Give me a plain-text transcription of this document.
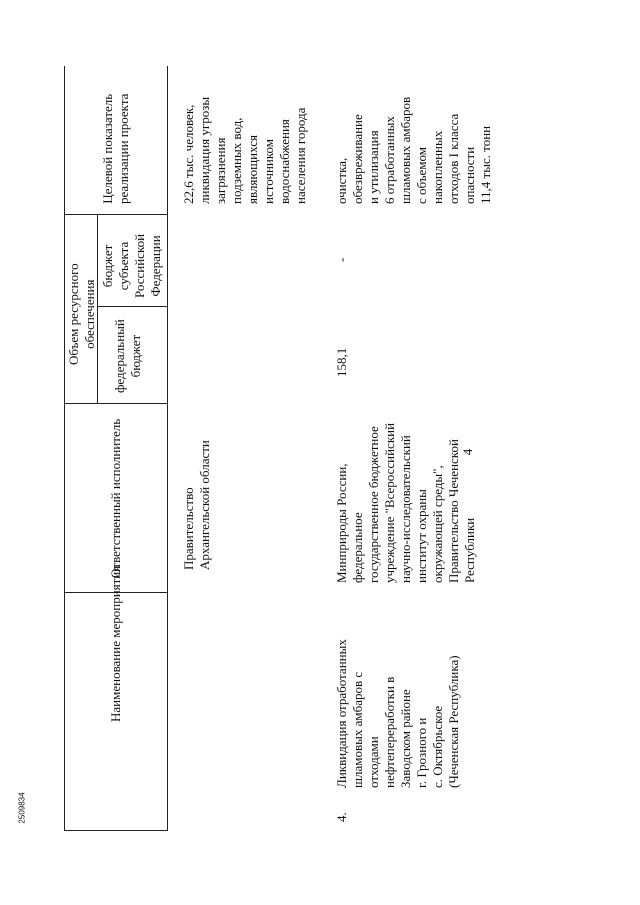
4
2509834
Наименование мероприятия
Ответственный исполнитель
Объем ресурсного обеспечения
федеральный бюджет
бюджет субъекта Российской Федерации
Целевой показатель реализации проекта
Правительство Архангельской области
22,6 тыс. человек, ликвидация угрозы загрязнения подземных вод, являющихся источником водоснабжения населения города
4.
Ликвидация отработанных шламовых амбаров с отходами нефтепереработки в Заводском районе г. Грозного и с. Октябрьское (Чеченская Республика)
Минприроды России, федеральное государственное бюджетное учреждение "Всероссийский научно-исследовательский институт охраны окружающей среды", Правительство Чеченской Республики
158,1
-
очистка, обезвреживание и утилизация 6 отработанных шламовых амбаров с объемом накопленных отходов I класса опасности 11,4 тыс. тонн
